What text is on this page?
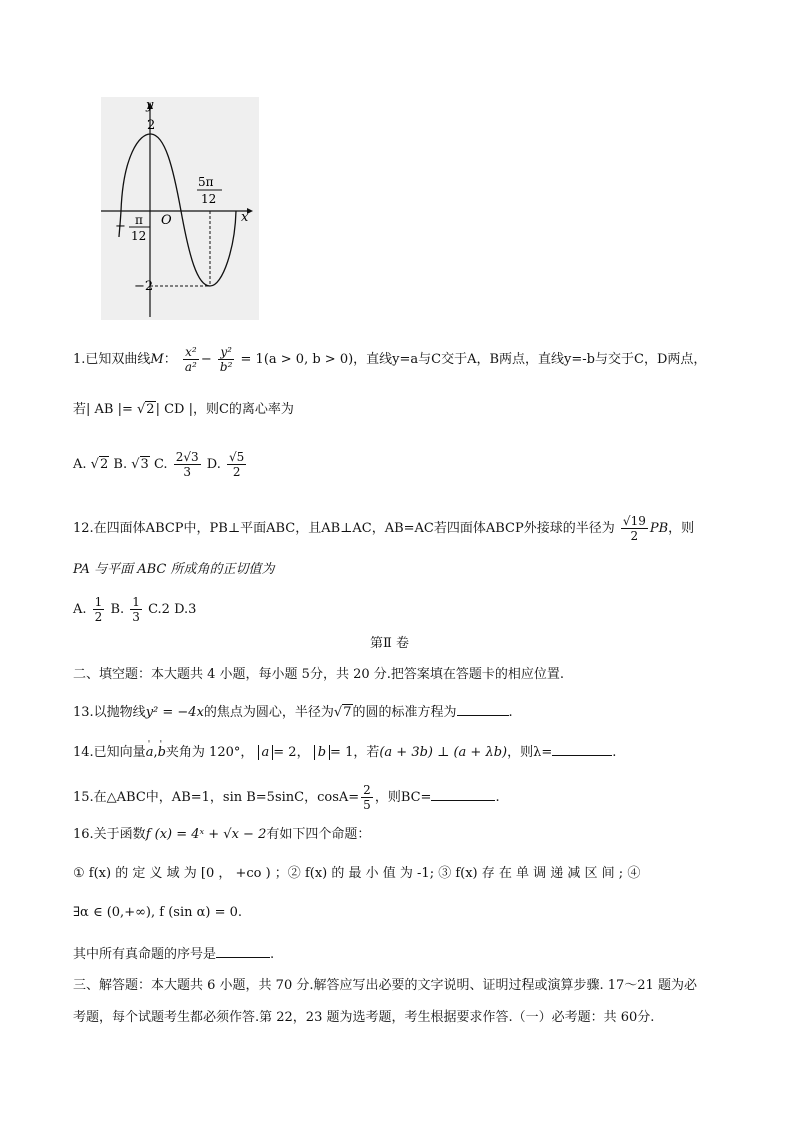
y
x
O
2
−2
− π
12
5π
12
1.已知双曲线M： $\frac{\text{x²}}{\text{a²}} - \frac{\text{y²}}{\text{b²}} = 1(a > 0$, b > 0)，直线y=a与C交于A，B两点，直线y=-b与交于C，D两点，
若| AB |= √2| CD |，则C的离心率为
A. √2 B. √3 C. $\frac{2√3}{3} D$. $\frac{√5}{2}$
12.在四面体ABCP中，PB⊥平面ABC，且AB⊥AC，AB=AC若四面体ABCP外接球的半径为 $\frac{√19}{2}$ PB，则
PA 与平面 ABC 所成角的正切值为
A. $\frac{1}{2} B$. $\frac{1}{3} C.2$ D.3
第Ⅱ 卷
二、填空题：本大题共 4 小题，每小题 5分，共 20 分.把答案填在答题卡的相应位置.
13.以抛物线y² = −4x的焦点为圆心，半径为√7的圆的标准方程为	.
14.已知向量' a,' b夹角为 120°， a = 2， b = 1，若(a + 3b) ⊥ (a + λb)，则λ=	.
15.在△ABC中，AB=1，sin B=5sinC，$\cos A= \frac{2}{5}$ ，则BC=	.
16.关于函数f (x) = 4ˣ + √x − 2有如下四个命题：
① f(x) 的 定 义 域 为 [0 ， +co ) ；② f(x) 的 最 小 值 为 -1; ③ f(x) 存 在 单 调 递 减 区 间 ; ④
∃α ∈ (0,+∞), f (sin α) = 0.
其中所有真命题的序号是	.
三、解答题：本大题共 6 小题，共 70 分.解答应写出必要的文字说明、证明过程或演算步骤. 17～21 题为必
考题，每个试题考生都必须作答.第 22，23 题为选考题，考生根据要求作答.（一）必考题：共 60分.
